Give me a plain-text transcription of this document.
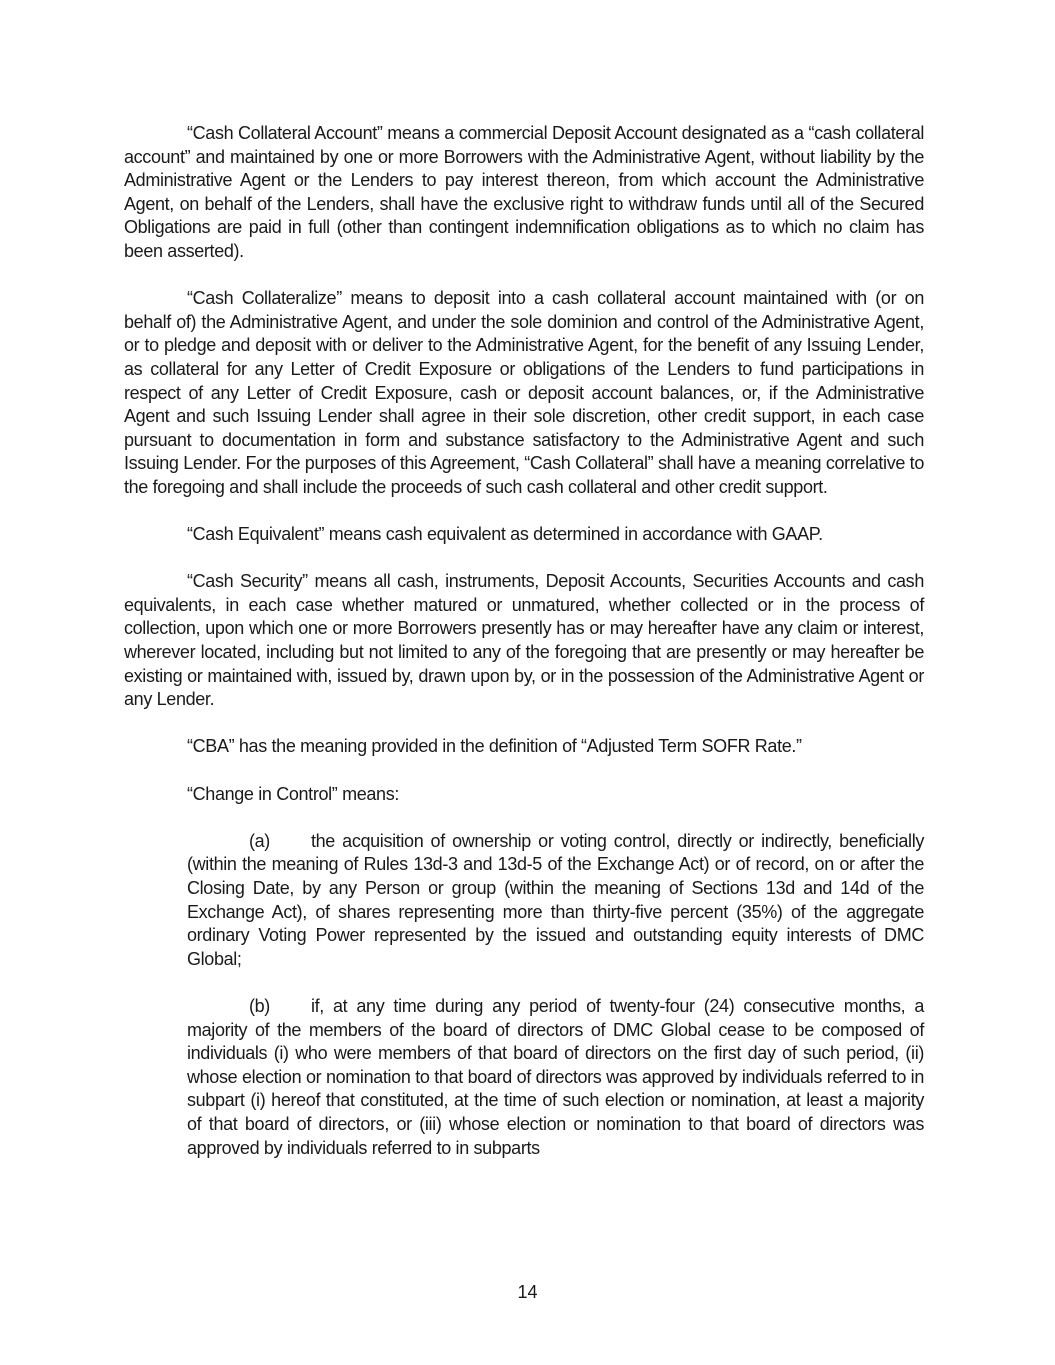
“Cash Collateral Account” means a commercial Deposit Account designated as a “cash collateral account” and maintained by one or more Borrowers with the Administrative Agent, without liability by the Administrative Agent or the Lenders to pay interest thereon, from which account the Administrative Agent, on behalf of the Lenders, shall have the exclusive right to withdraw funds until all of the Secured Obligations are paid in full (other than contingent indemnification obligations as to which no claim has been asserted).

“Cash Collateralize” means to deposit into a cash collateral account maintained with (or on behalf of) the Administrative Agent, and under the sole dominion and control of the Administrative Agent, or to pledge and deposit with or deliver to the Administrative Agent, for the benefit of any Issuing Lender, as collateral for any Letter of Credit Exposure or obligations of the Lenders to fund participations in respect of any Letter of Credit Exposure, cash or deposit account balances, or, if the Administrative Agent and such Issuing Lender shall agree in their sole discretion, other credit support, in each case pursuant to documentation in form and substance satisfactory to the Administrative Agent and such Issuing Lender. For the purposes of this Agreement, “Cash Collateral” shall have a meaning correlative to the foregoing and shall include the proceeds of such cash collateral and other credit support.

“Cash Equivalent” means cash equivalent as determined in accordance with GAAP.

“Cash Security” means all cash, instruments, Deposit Accounts, Securities Accounts and cash equivalents, in each case whether matured or unmatured, whether collected or in the process of collection, upon which one or more Borrowers presently has or may hereafter have any claim or interest, wherever located, including but not limited to any of the foregoing that are presently or may hereafter be existing or maintained with, issued by, drawn upon by, or in the possession of the Administrative Agent or any Lender.

“CBA” has the meaning provided in the definition of “Adjusted Term SOFR Rate.”

“Change in Control” means:

(a) the acquisition of ownership or voting control, directly or indirectly, beneficially (within the meaning of Rules 13d-3 and 13d-5 of the Exchange Act) or of record, on or after the Closing Date, by any Person or group (within the meaning of Sections 13d and 14d of the Exchange Act), of shares representing more than thirty-five percent (35%) of the aggregate ordinary Voting Power represented by the issued and outstanding equity interests of DMC Global;

(b) if, at any time during any period of twenty-four (24) consecutive months, a majority of the members of the board of directors of DMC Global cease to be composed of individuals (i) who were members of that board of directors on the first day of such period, (ii) whose election or nomination to that board of directors was approved by individuals referred to in subpart (i) hereof that constituted, at the time of such election or nomination, at least a majority of that board of directors, or (iii) whose election or nomination to that board of directors was approved by individuals referred to in subparts

14
